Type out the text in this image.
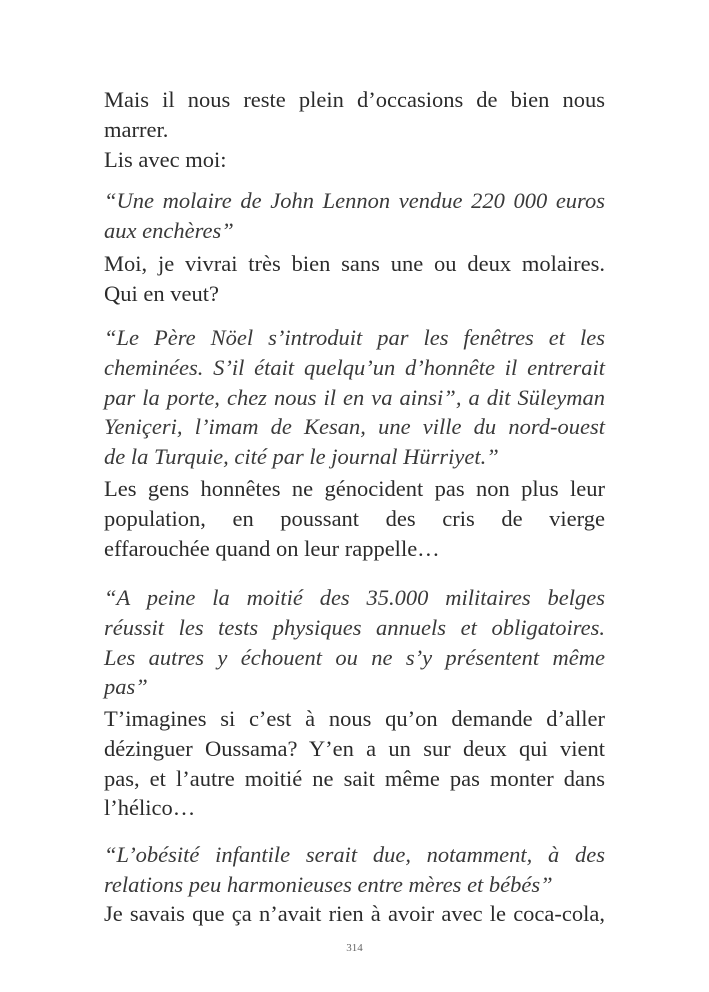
Mais il nous reste plein d’occasions de bien nous
marrer.
Lis avec moi:
“Une molaire de John Lennon vendue 220 000 euros
aux enchères”
Moi, je vivrai très bien sans une ou deux molaires.
Qui en veut?
“Le Père Nöel s’introduit par les fenêtres et les
cheminées. S’il était quelqu’un d’honnête il entrerait
par la porte, chez nous il en va ainsi”, a dit Süleyman
Yeniçeri, l’imam de Kesan, une ville du nord-ouest
de la Turquie, cité par le journal Hürriyet.”
Les gens honnêtes ne génocident pas non plus leur
population, en poussant des cris de vierge
effarouchée quand on leur rappelle…
“A peine la moitié des 35.000 militaires belges
réussit les tests physiques annuels et obligatoires.
Les autres y échouent ou ne s’y présentent même
pas”
T’imagines si c’est à nous qu’on demande d’aller
dézinguer Oussama? Y’en a un sur deux qui vient
pas, et l’autre moitié ne sait même pas monter dans
l’hélico…
“L’obésité infantile serait due, notamment, à des
relations peu harmonieuses entre mères et bébés”
Je savais que ça n’avait rien à avoir avec le coca-cola,
314
